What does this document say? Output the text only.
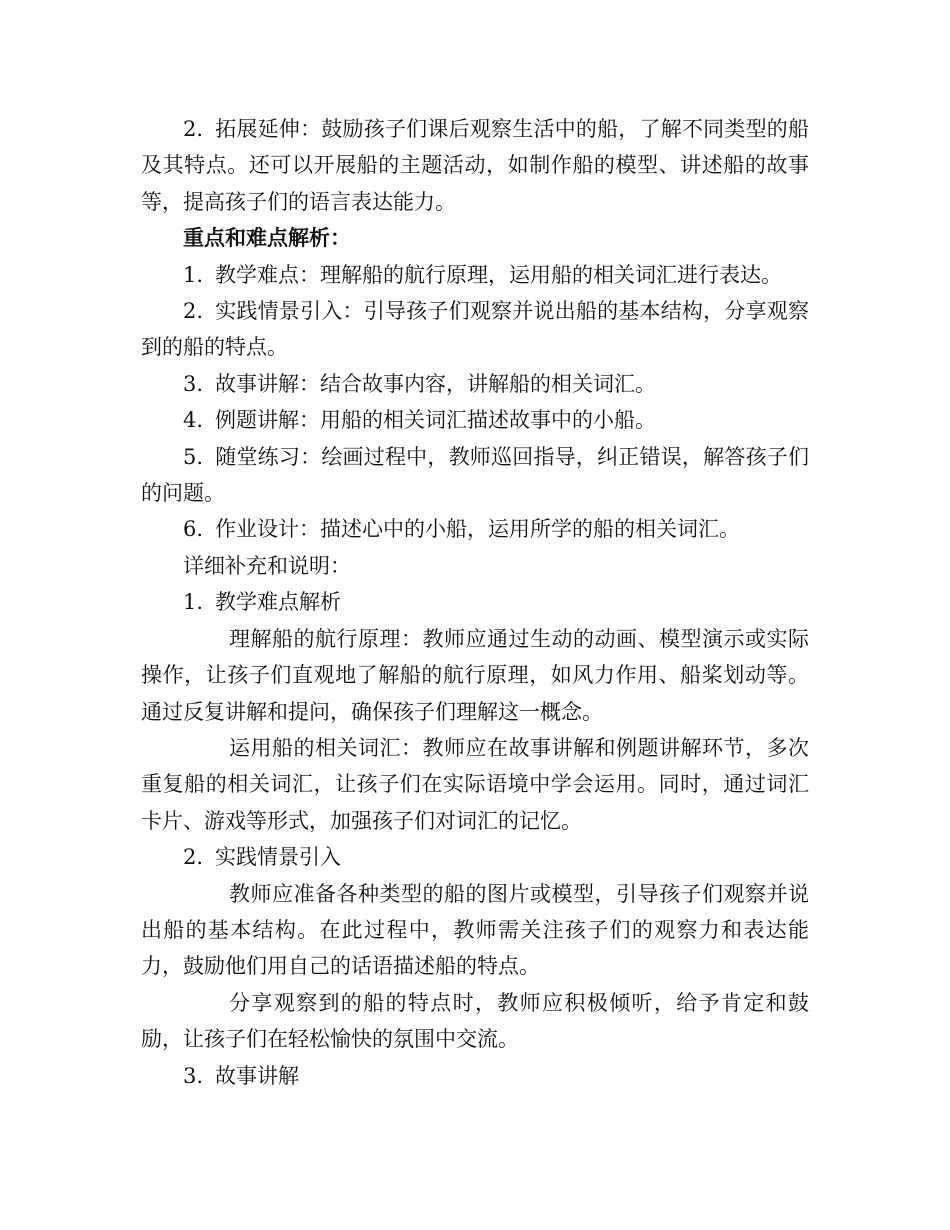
2. 拓展延伸：鼓励孩子们课后观察生活中的船，了解不同类型的船及其特点。还可以开展船的主题活动，如制作船的模型、讲述船的故事等，提高孩子们的语言表达能力。

重点和难点解析：

1. 教学难点：理解船的航行原理，运用船的相关词汇进行表达。

2. 实践情景引入：引导孩子们观察并说出船的基本结构，分享观察到的船的特点。

3. 故事讲解：结合故事内容，讲解船的相关词汇。

4. 例题讲解：用船的相关词汇描述故事中的小船。

5. 随堂练习：绘画过程中，教师巡回指导，纠正错误，解答孩子们的问题。

6. 作业设计：描述心中的小船，运用所学的船的相关词汇。

详细补充和说明：

1. 教学难点解析

理解船的航行原理：教师应通过生动的动画、模型演示或实际操作，让孩子们直观地了解船的航行原理，如风力作用、船桨划动等。通过反复讲解和提问，确保孩子们理解这一概念。

运用船的相关词汇：教师应在故事讲解和例题讲解环节，多次重复船的相关词汇，让孩子们在实际语境中学会运用。同时，通过词汇卡片、游戏等形式，加强孩子们对词汇的记忆。

2. 实践情景引入

教师应准备各种类型的船的图片或模型，引导孩子们观察并说出船的基本结构。在此过程中，教师需关注孩子们的观察力和表达能力，鼓励他们用自己的话语描述船的特点。

分享观察到的船的特点时，教师应积极倾听，给予肯定和鼓励，让孩子们在轻松愉快的氛围中交流。

3. 故事讲解
